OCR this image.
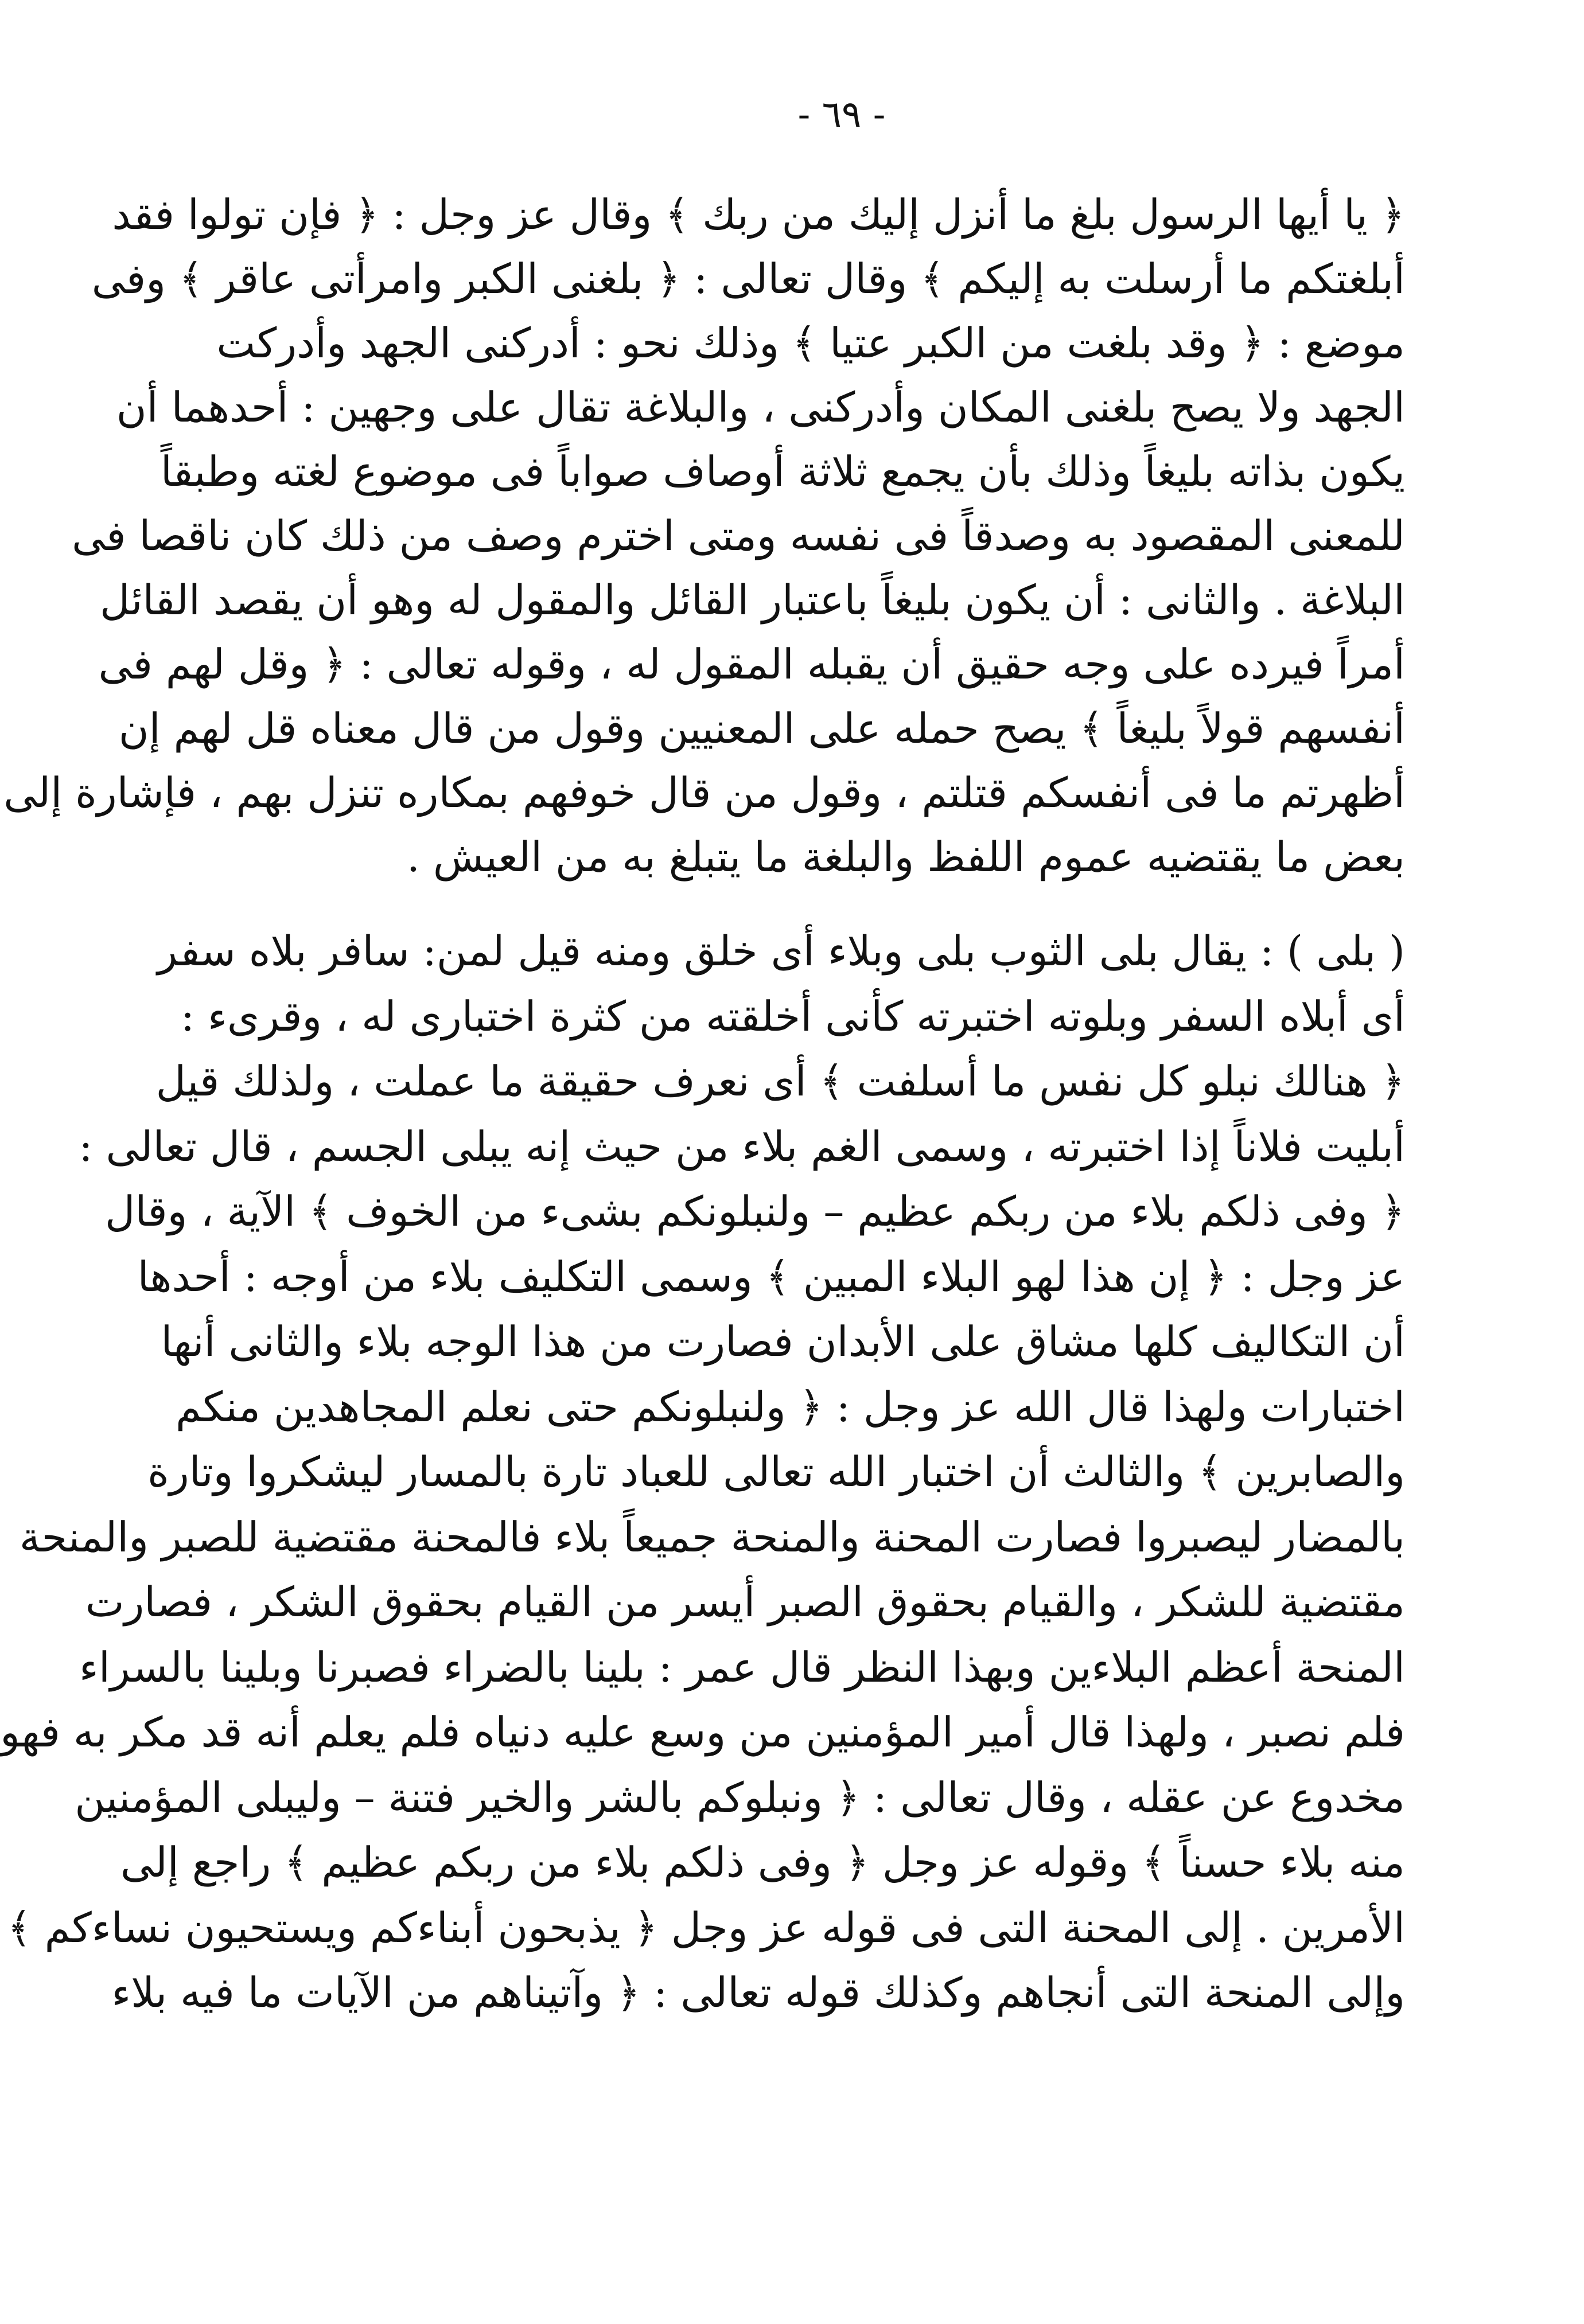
- ٦٩ -
﴿ يا أيها الرسول بلغ ما أنزل إليك من ربك ﴾ وقال عز وجل : ﴿ فإن تولوا فقد
أبلغتكم ما أرسلت به إليكم ﴾ وقال تعالى : ﴿ بلغنى الكبر وامرأتى عاقر ﴾ وفى
موضع : ﴿ وقد بلغت من الكبر عتيا ﴾ وذلك نحو : أدركنى الجهد وأدركت
الجهد ولا يصح بلغنى المكان وأدركنى ، والبلاغة تقال على وجهين : أحدهما أن
يكون بذاته بليغاً وذلك بأن يجمع ثلاثة أوصاف صواباً فى موضوع لغته وطبقاً
للمعنى المقصود به وصدقاً فى نفسه ومتى اخترم وصف من ذلك كان ناقصا فى
البلاغة . والثانى : أن يكون بليغاً باعتبار القائل والمقول له وهو أن يقصد القائل
أمراً فيرده على وجه حقيق أن يقبله المقول له ، وقوله تعالى : ﴿ وقل لهم فى
أنفسهم قولاً بليغاً ﴾ يصح حمله على المعنيين وقول من قال معناه قل لهم إن
أظهرتم ما فى أنفسكم قتلتم ، وقول من قال خوفهم بمكاره تنزل بهم ، فإشارة إلى
بعض ما يقتضيه عموم اللفظ والبلغة ما يتبلغ به من العيش .
( بلى ) : يقال بلى الثوب بلى وبلاء أى خلق ومنه قيل لمن: سافر بلاه سفر
أى أبلاه السفر وبلوته اختبرته كأنى أخلقته من كثرة اختبارى له ، وقرىء :
﴿ هنالك نبلو كل نفس ما أسلفت ﴾ أى نعرف حقيقة ما عملت ، ولذلك قيل
أبليت فلاناً إذا اختبرته ، وسمى الغم بلاء من حيث إنه يبلى الجسم ، قال تعالى :
﴿ وفى ذلكم بلاء من ربكم عظيم – ولنبلونكم بشىء من الخوف ﴾ الآية ، وقال
عز وجل : ﴿ إن هذا لهو البلاء المبين ﴾ وسمى التكليف بلاء من أوجه : أحدها
أن التكاليف كلها مشاق على الأبدان فصارت من هذا الوجه بلاء والثانى أنها
اختبارات ولهذا قال الله عز وجل : ﴿ ولنبلونكم حتى نعلم المجاهدين منكم
والصابرين ﴾ والثالث أن اختبار الله تعالى للعباد تارة بالمسار ليشكروا وتارة
بالمضار ليصبروا فصارت المحنة والمنحة جميعاً بلاء فالمحنة مقتضية للصبر والمنحة
مقتضية للشكر ، والقيام بحقوق الصبر أيسر من القيام بحقوق الشكر ، فصارت
المنحة أعظم البلاءين وبهذا النظر قال عمر : بلينا بالضراء فصبرنا وبلينا بالسراء
فلم نصبر ، ولهذا قال أمير المؤمنين من وسع عليه دنياه فلم يعلم أنه قد مكر به فهو
مخدوع عن عقله ، وقال تعالى : ﴿ ونبلوكم بالشر والخير فتنة – وليبلى المؤمنين
منه بلاء حسناً ﴾ وقوله عز وجل ﴿ وفى ذلكم بلاء من ربكم عظيم ﴾ راجع إلى
الأمرين . إلى المحنة التى فى قوله عز وجل ﴿ يذبحون أبناءكم ويستحيون نساءكم ﴾
وإلى المنحة التى أنجاهم وكذلك قوله تعالى : ﴿ وآتيناهم من الآيات ما فيه بلاء
